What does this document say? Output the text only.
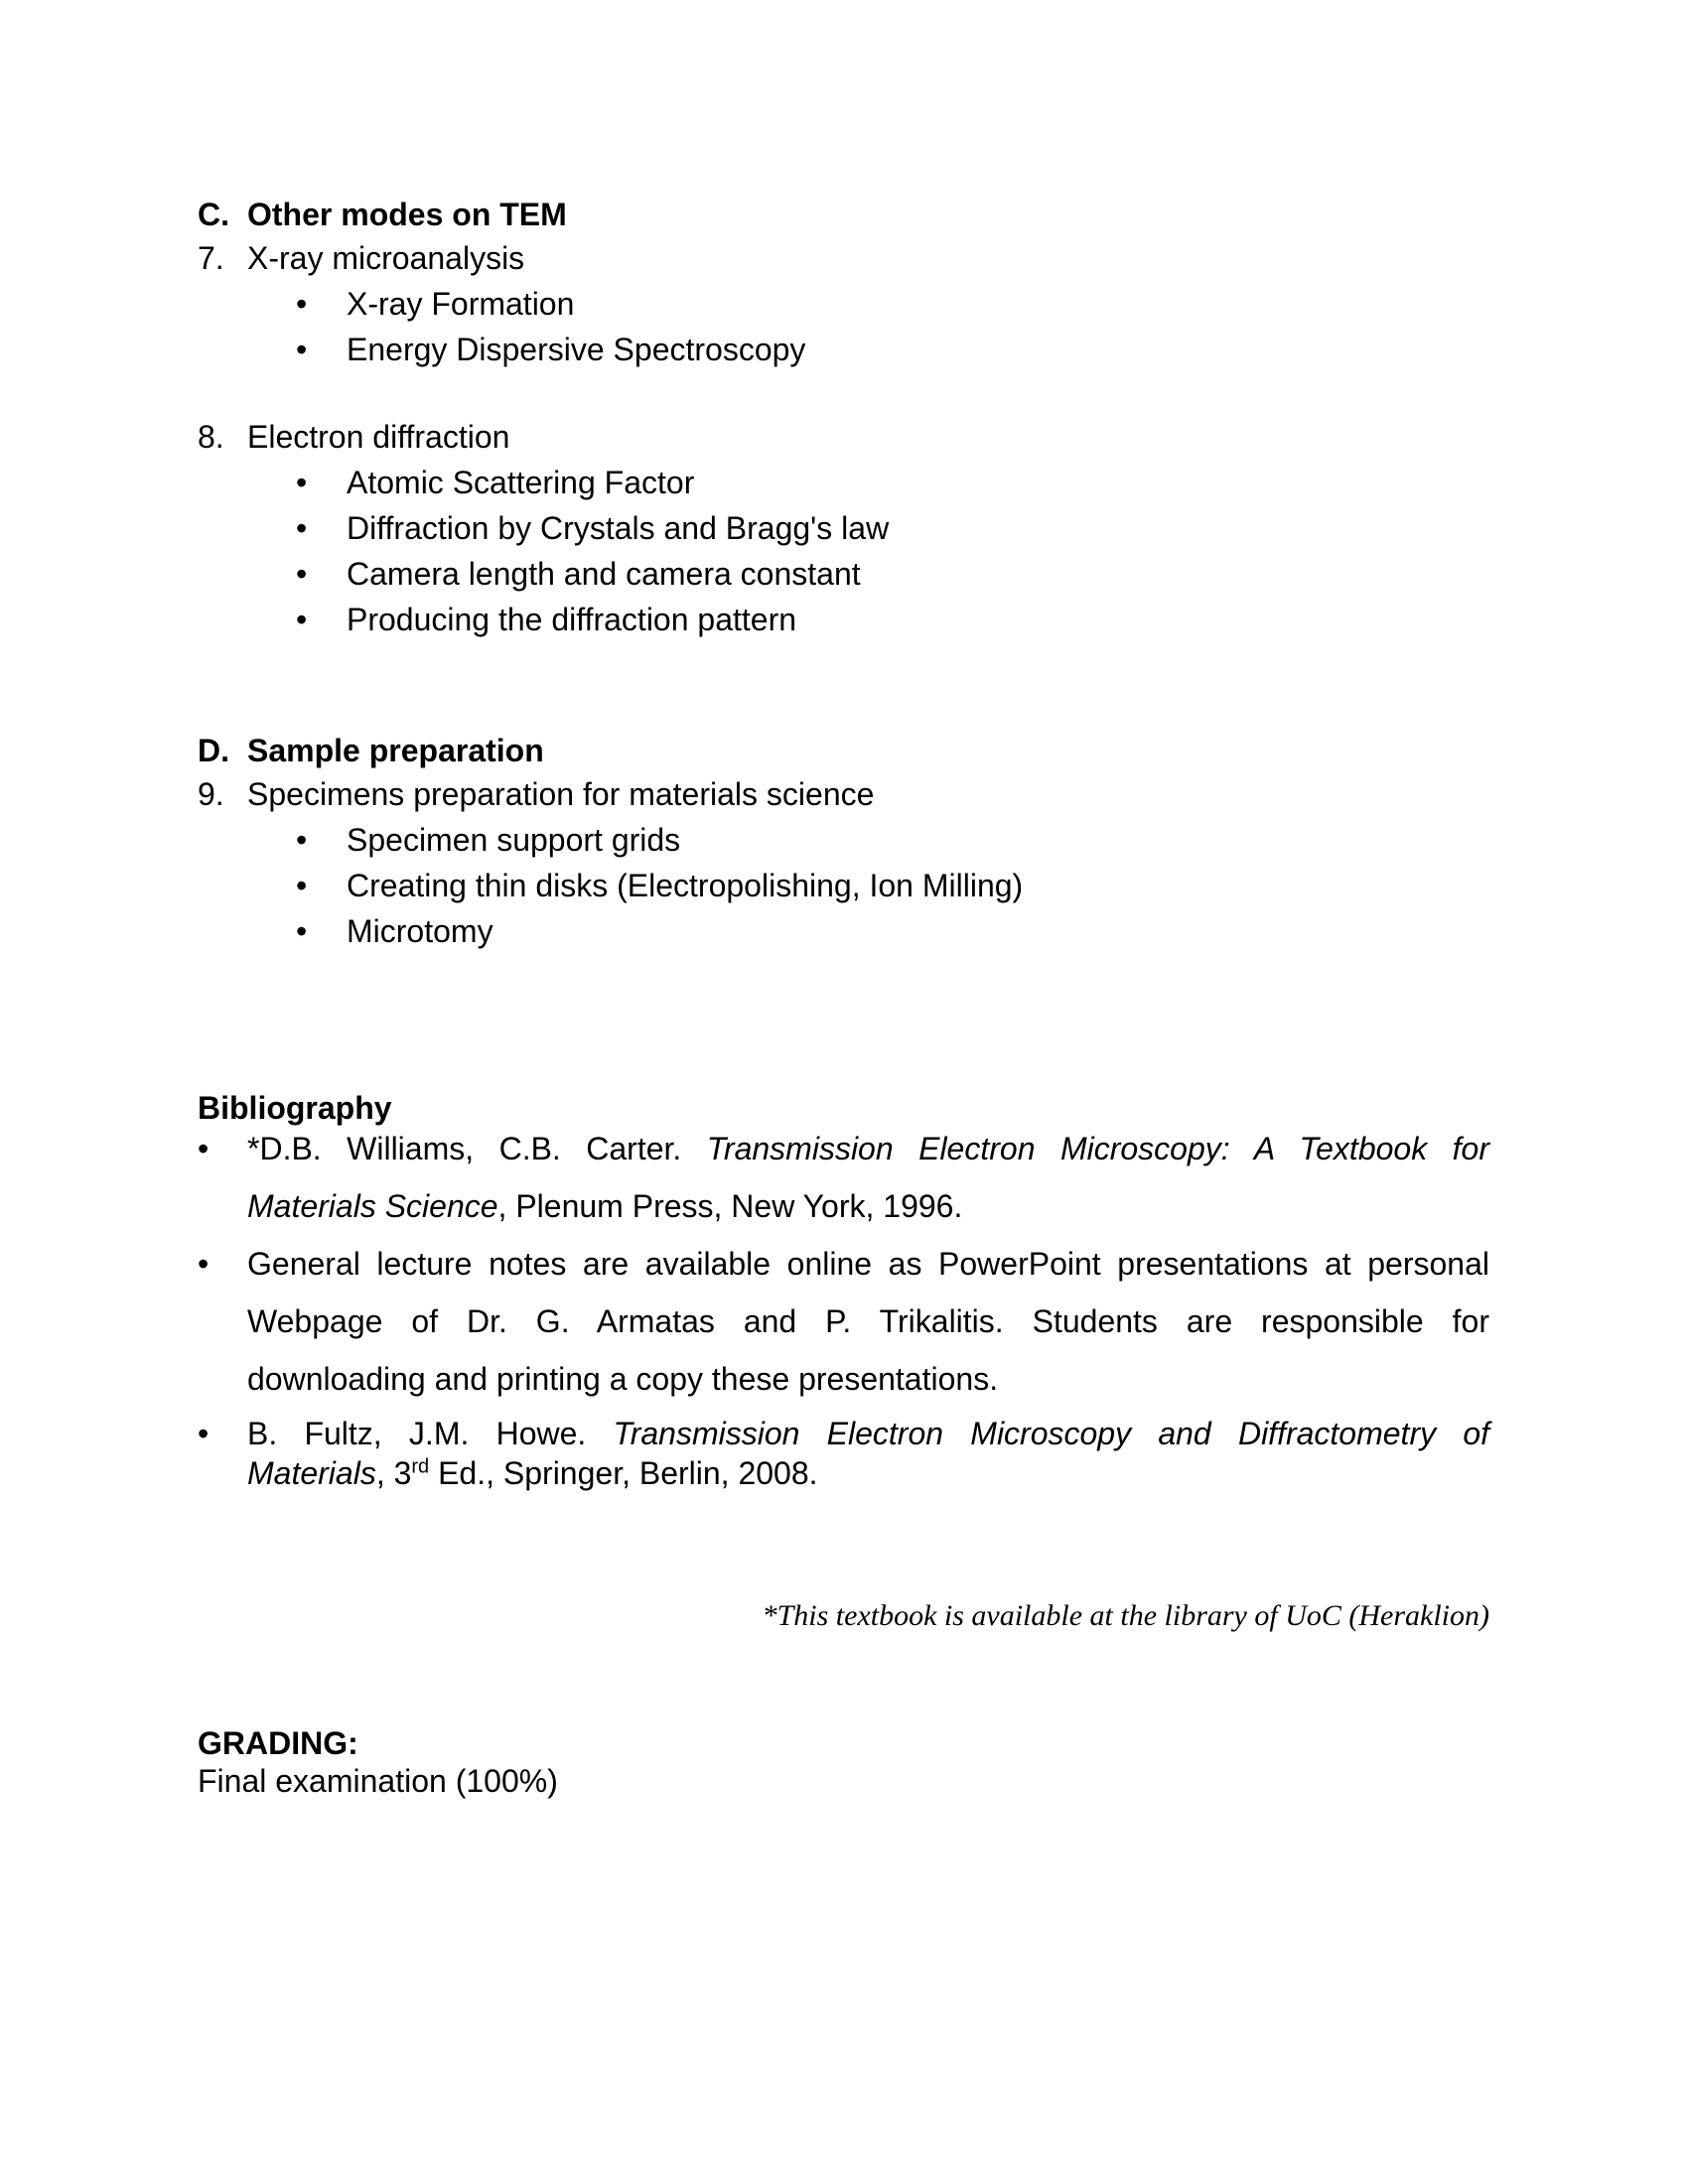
C. Other modes on TEM
7. X-ray microanalysis
• X-ray Formation
• Energy Dispersive Spectroscopy
8. Electron diffraction
• Atomic Scattering Factor
• Diffraction by Crystals and Bragg's law
• Camera length and camera constant
• Producing the diffraction pattern
D. Sample preparation
9. Specimens preparation for materials science
• Specimen support grids
• Creating thin disks (Electropolishing, Ion Milling)
• Microtomy
Bibliography
• *D.B. Williams, C.B. Carter. Transmission Electron Microscopy: A Textbook for
Materials Science, Plenum Press, New York, 1996.
• General lecture notes are available online as PowerPoint presentations at personal
Webpage of Dr. G. Armatas and P. Trikalitis. Students are responsible for
downloading and printing a copy these presentations.
• B. Fultz, J.M. Howe. Transmission Electron Microscopy and Diffractometry of
Materials, 3rd Ed., Springer, Berlin, 2008.
*This textbook is available at the library of UoC (Heraklion)
GRADING:
Final examination (100%)
